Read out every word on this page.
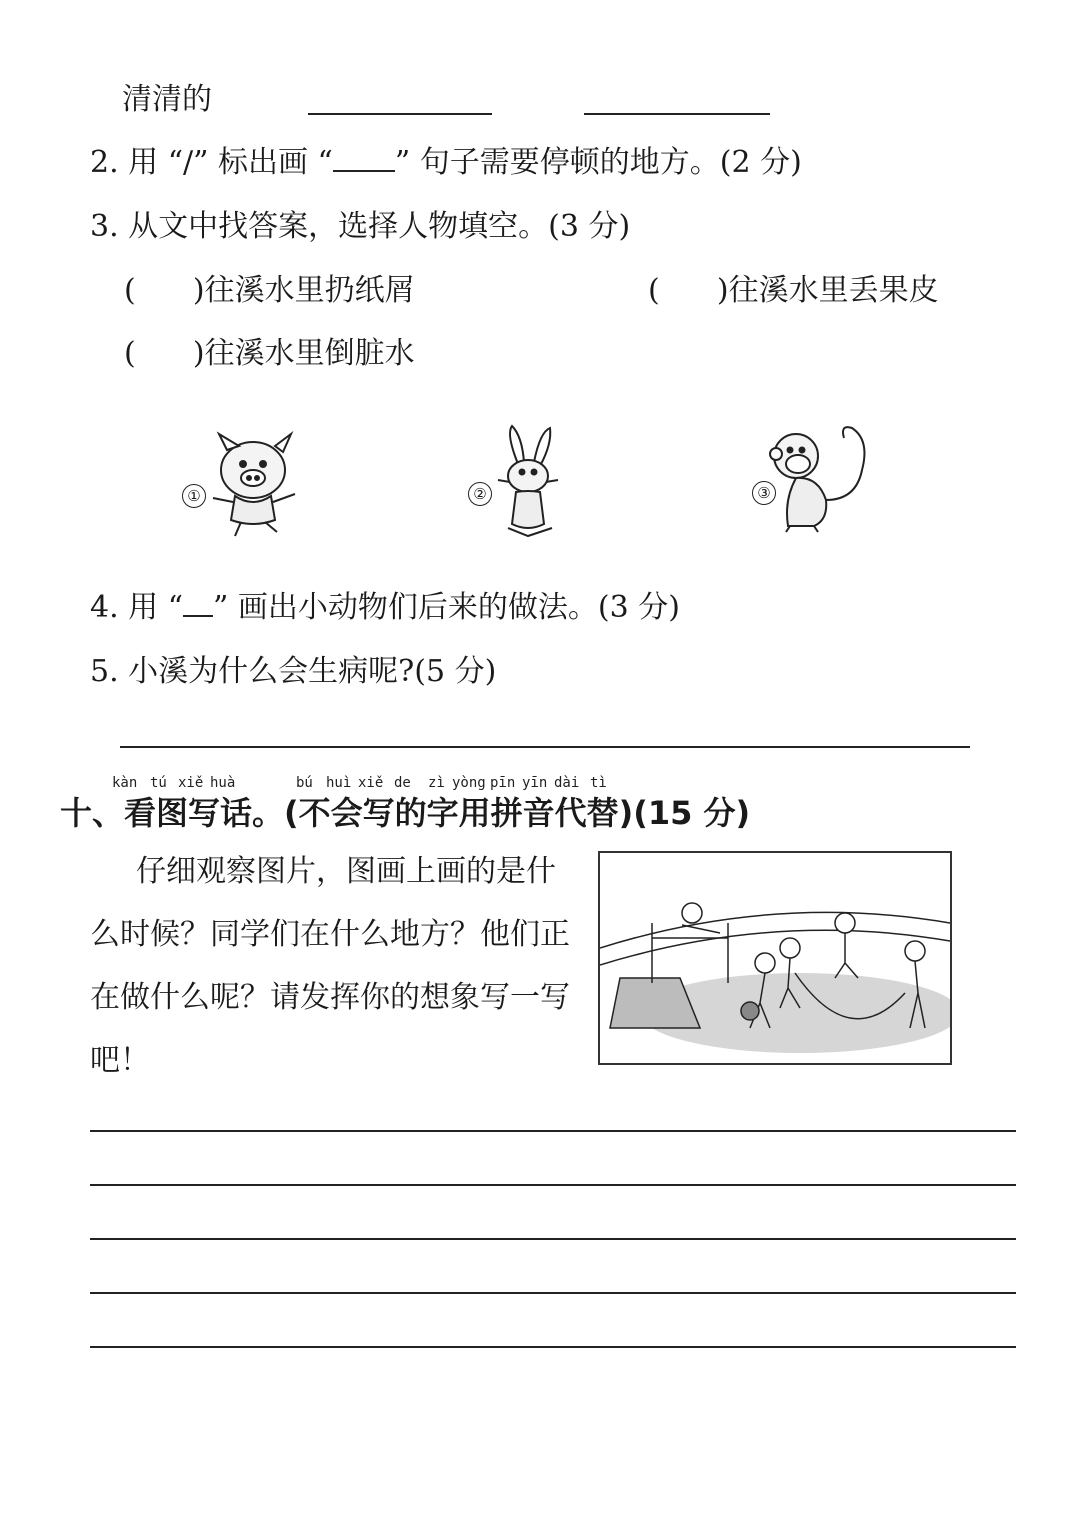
清清的
2. 用 “/” 标出画 “ ” 句子需要停顿的地方。(2 分)
3. 从文中找答案，选择人物填空。(3 分)
(      )往溪水里扔纸屑	(      )往溪水里丢果皮
(      )往溪水里倒脏水
①	②	③
4. 用 “ ” 画出小动物们后来的做法。(3 分)
5. 小溪为什么会生病呢?(5 分)
kàn tú xiě huà	bú huì xiě de zì yòng pīn yīn dài tì
十、看图写话。(不会写的字用拼音代替)(15 分)
仔细观察图片，图画上画的是什么时候？同学们在什么地方？他们正在做什么呢？请发挥你的想象写一写吧！
